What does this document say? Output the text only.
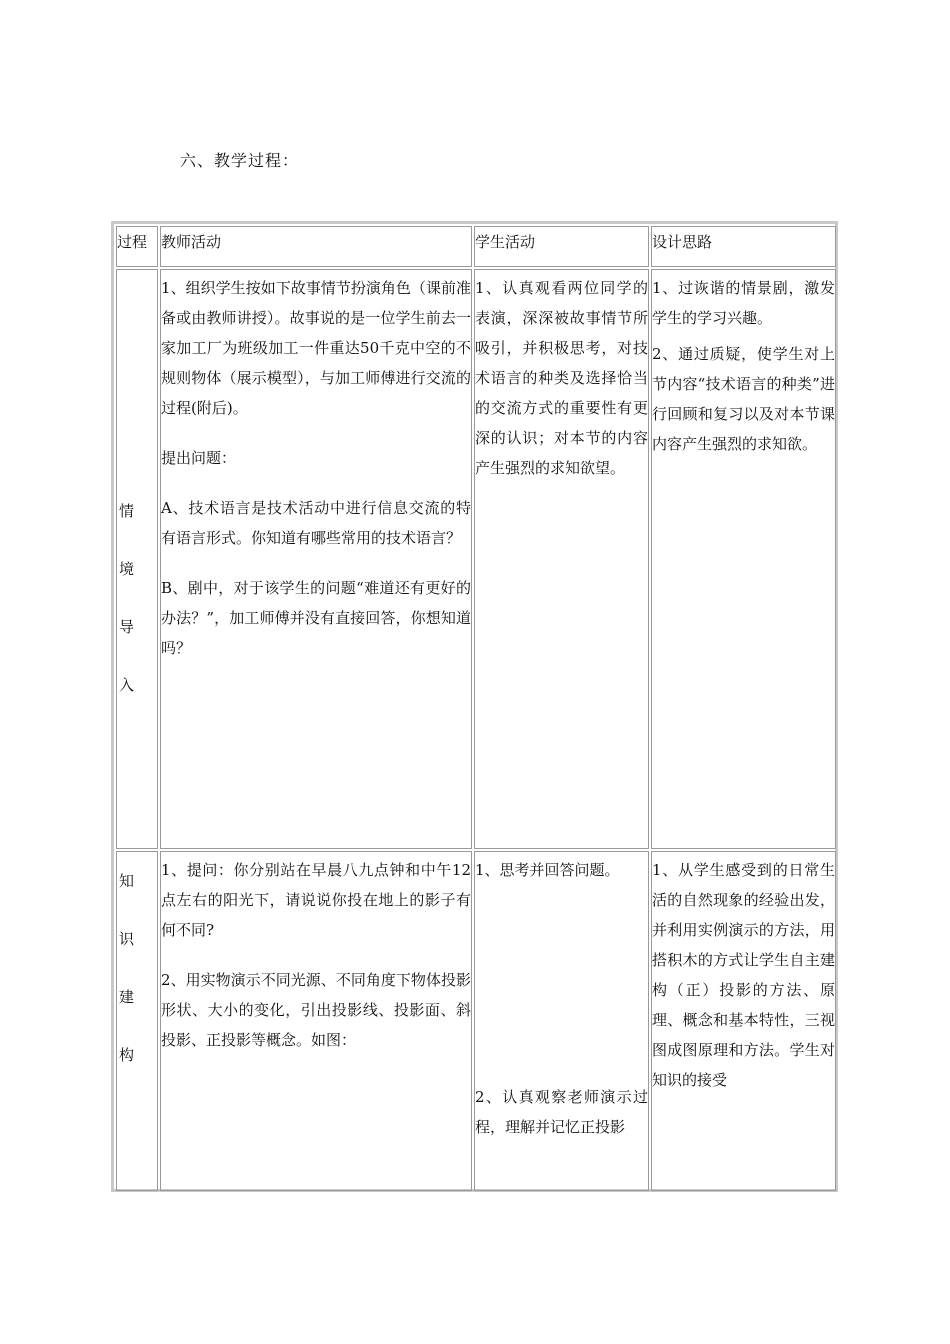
六、教学过程：
过程 教师活动	学生活动	设计思路
情
境
导
入

1、组织学生按如下故事情节扮演角色（课前准备或由教师讲授）。故事说的是一位学生前去一家加工厂为班级加工一件重达50千克中空的不规则物体（展示模型），与加工师傅进行交流的过程(附后)。

提出问题：

A、技术语言是技术活动中进行信息交流的特有语言形式。你知道有哪些常用的技术语言？

B、剧中，对于该学生的问题“难道还有更好的办法？”，加工师傅并没有直接回答，你想知道吗？

1、认真观看两位同学的表演，深深被故事情节所吸引，并积极思考，对技术语言的种类及选择恰当的交流方式的重要性有更深的认识；对本节的内容产生强烈的求知欲望。

1、过诙谐的情景剧，激发学生的学习兴趣。

2、通过质疑，使学生对上节内容“技术语言的种类”进行回顾和复习以及对本节课内容产生强烈的求知欲。

知
识
建
构

1、提问：你分别站在早晨八九点钟和中午12点左右的阳光下，请说说你投在地上的影子有何不同?

2、用实物演示不同光源、不同角度下物体投影形状、大小的变化，引出投影线、投影面、斜投影、正投影等概念。如图：

1、思考并回答问题。

2、认真观察老师演示过程，理解并记忆正投影

1、从学生感受到的日常生活的自然现象的经验出发，并利用实例演示的方法，用搭积木的方式让学生自主建构（正）投影的方法、原理、概念和基本特性，三视图成图原理和方法。学生对知识的接受
